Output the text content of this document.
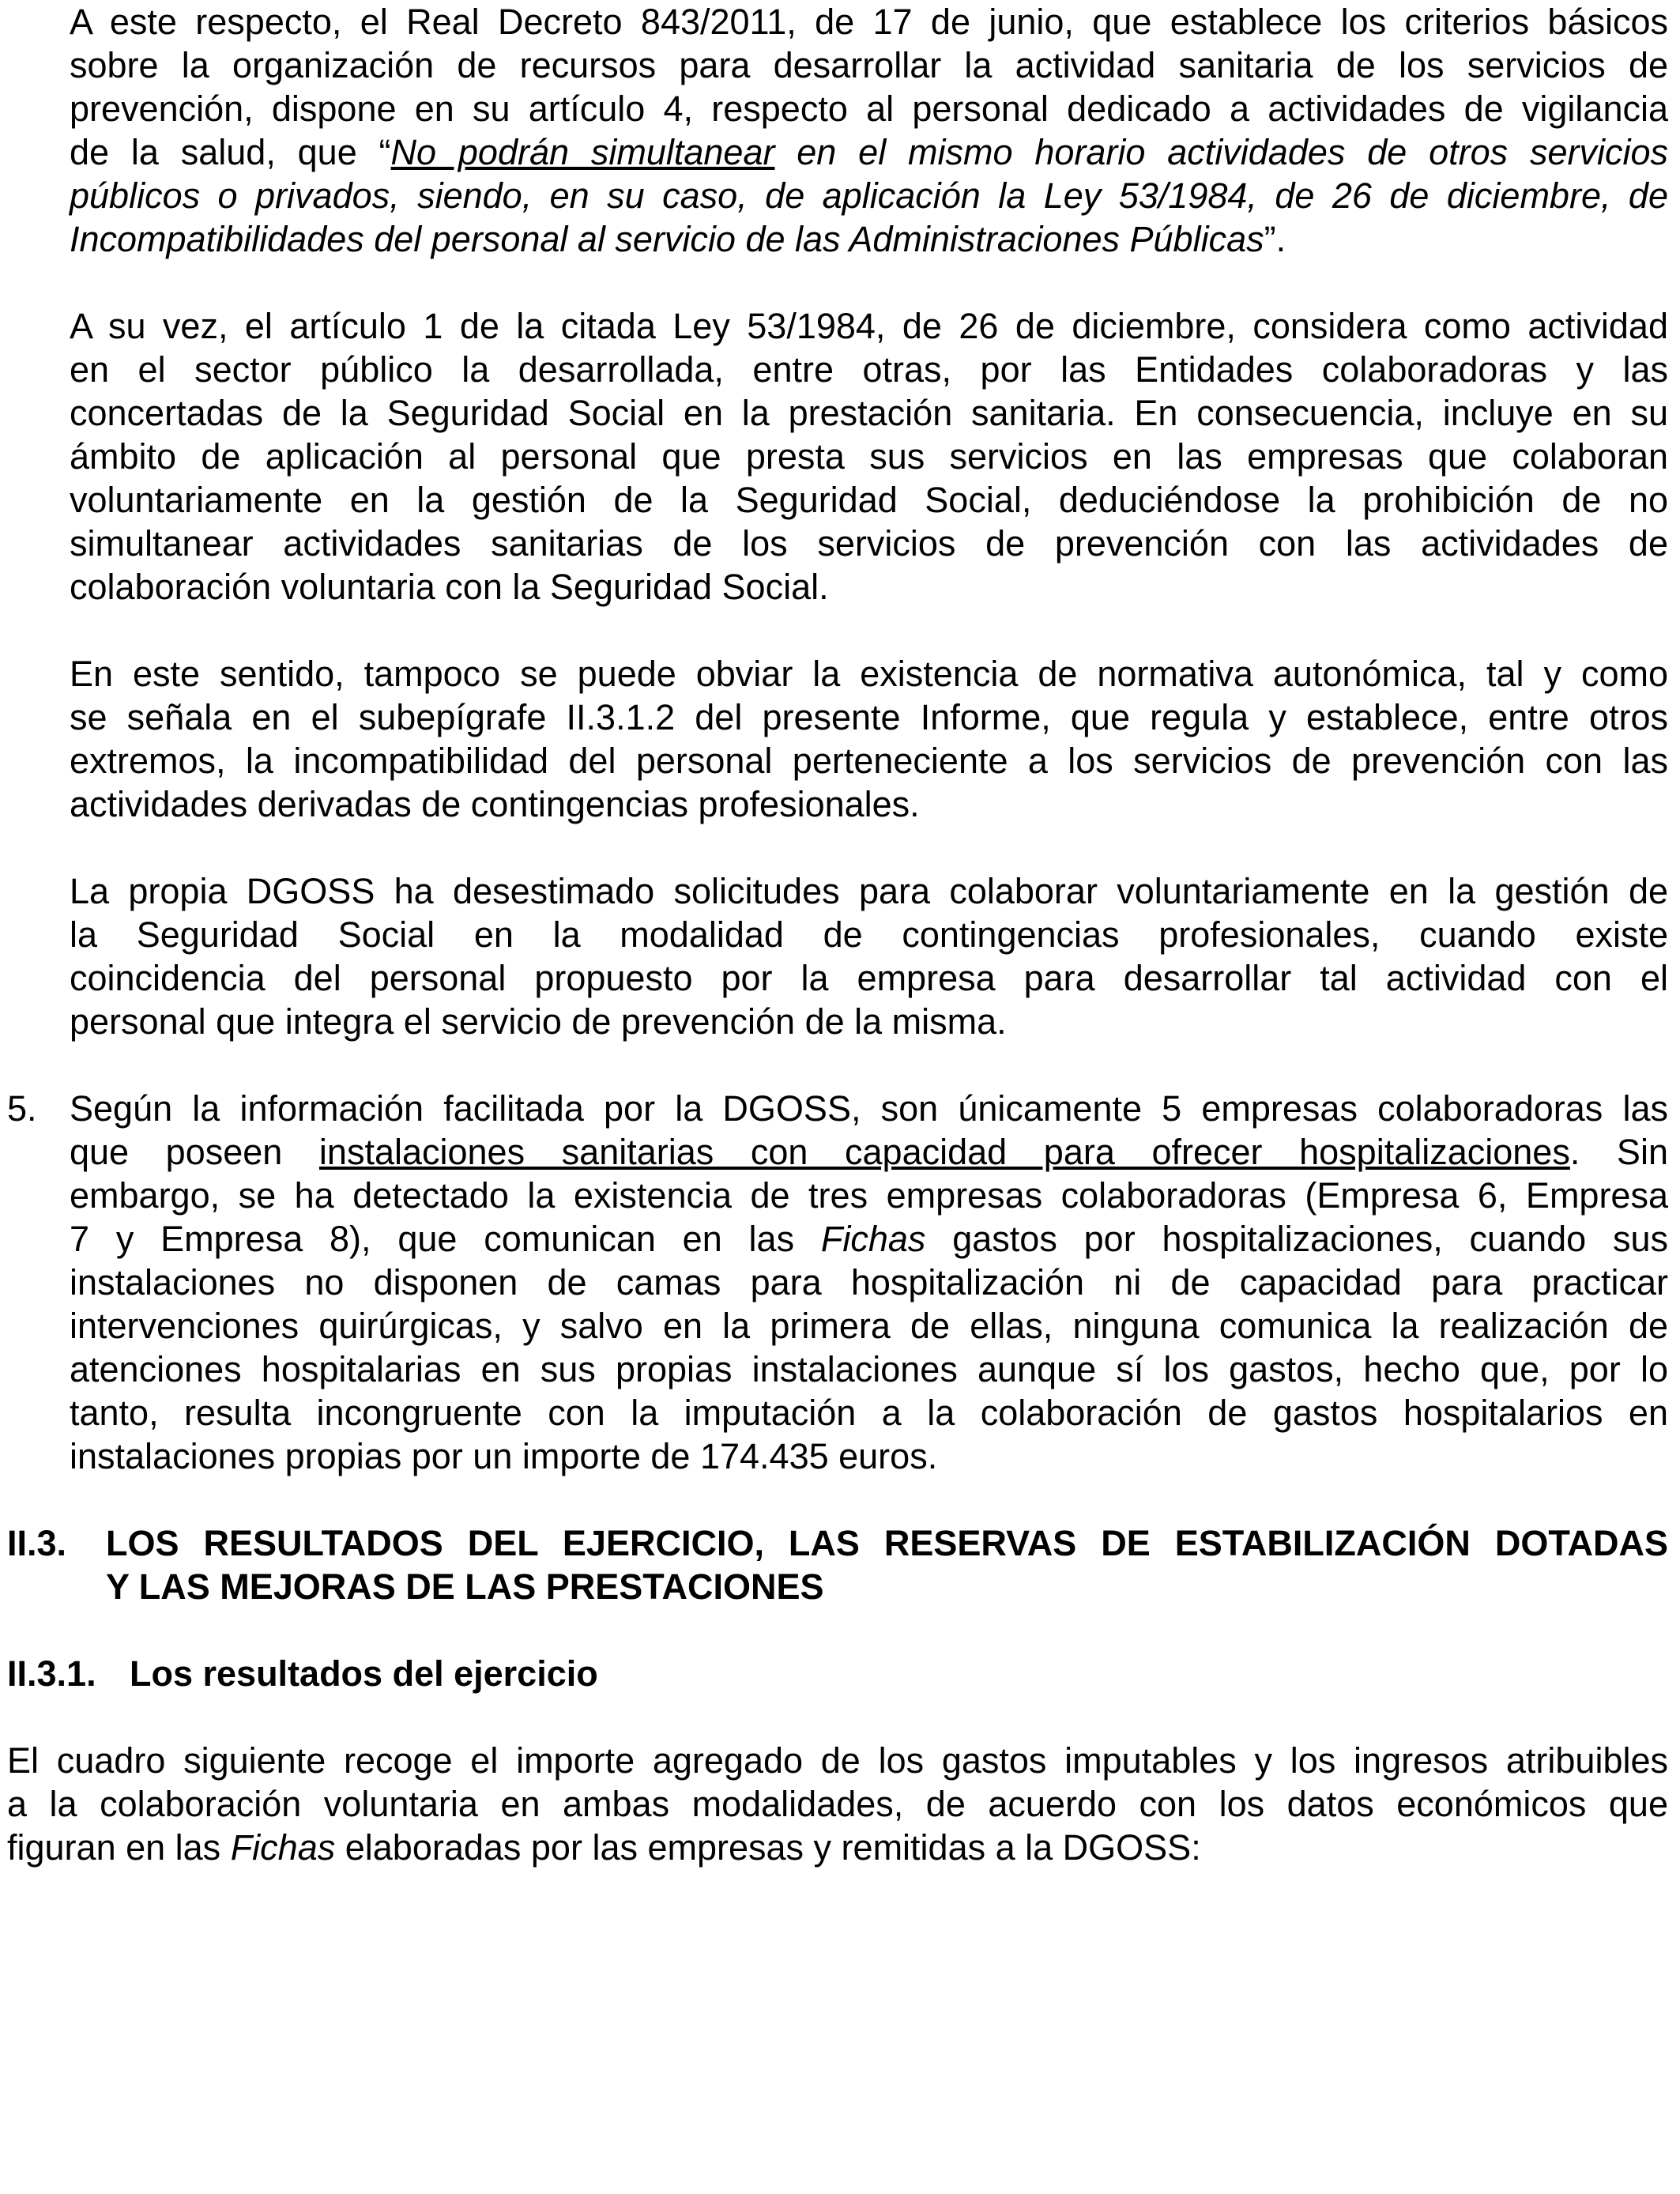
A este respecto, el Real Decreto 843/2011, de 17 de junio, que establece los criterios básicos
sobre la organización de recursos para desarrollar la actividad sanitaria de los servicios de
prevención, dispone en su artículo 4, respecto al personal dedicado a actividades de vigilancia
de la salud, que “No podrán simultanear en el mismo horario actividades de otros servicios
públicos o privados, siendo, en su caso, de aplicación la Ley 53/1984, de 26 de diciembre, de
Incompatibilidades del personal al servicio de las Administraciones Públicas”.
A su vez, el artículo 1 de la citada Ley 53/1984, de 26 de diciembre, considera como actividad
en el sector público la desarrollada, entre otras, por las Entidades colaboradoras y las
concertadas de la Seguridad Social en la prestación sanitaria. En consecuencia, incluye en su
ámbito de aplicación al personal que presta sus servicios en las empresas que colaboran
voluntariamente en la gestión de la Seguridad Social, deduciéndose la prohibición de no
simultanear actividades sanitarias de los servicios de prevención con las actividades de
colaboración voluntaria con la Seguridad Social.
En este sentido, tampoco se puede obviar la existencia de normativa autonómica, tal y como
se señala en el subepígrafe II.3.1.2 del presente Informe, que regula y establece, entre otros
extremos, la incompatibilidad del personal perteneciente a los servicios de prevención con las
actividades derivadas de contingencias profesionales.
La propia DGOSS ha desestimado solicitudes para colaborar voluntariamente en la gestión de
la Seguridad Social en la modalidad de contingencias profesionales, cuando existe
coincidencia del personal propuesto por la empresa para desarrollar tal actividad con el
personal que integra el servicio de prevención de la misma.
5. Según la información facilitada por la DGOSS, son únicamente 5 empresas colaboradoras las
que poseen instalaciones sanitarias con capacidad para ofrecer hospitalizaciones. Sin
embargo, se ha detectado la existencia de tres empresas colaboradoras (Empresa 6, Empresa
7 y Empresa 8), que comunican en las Fichas gastos por hospitalizaciones, cuando sus
instalaciones no disponen de camas para hospitalización ni de capacidad para practicar
intervenciones quirúrgicas, y salvo en la primera de ellas, ninguna comunica la realización de
atenciones hospitalarias en sus propias instalaciones aunque sí los gastos, hecho que, por lo
tanto, resulta incongruente con la imputación a la colaboración de gastos hospitalarios en
instalaciones propias por un importe de 174.435 euros.
II.3. LOS RESULTADOS DEL EJERCICIO, LAS RESERVAS DE ESTABILIZACIÓN DOTADAS
Y LAS MEJORAS DE LAS PRESTACIONES
II.3.1. Los resultados del ejercicio
El cuadro siguiente recoge el importe agregado de los gastos imputables y los ingresos atribuibles
a la colaboración voluntaria en ambas modalidades, de acuerdo con los datos económicos que
figuran en las Fichas elaboradas por las empresas y remitidas a la DGOSS:
